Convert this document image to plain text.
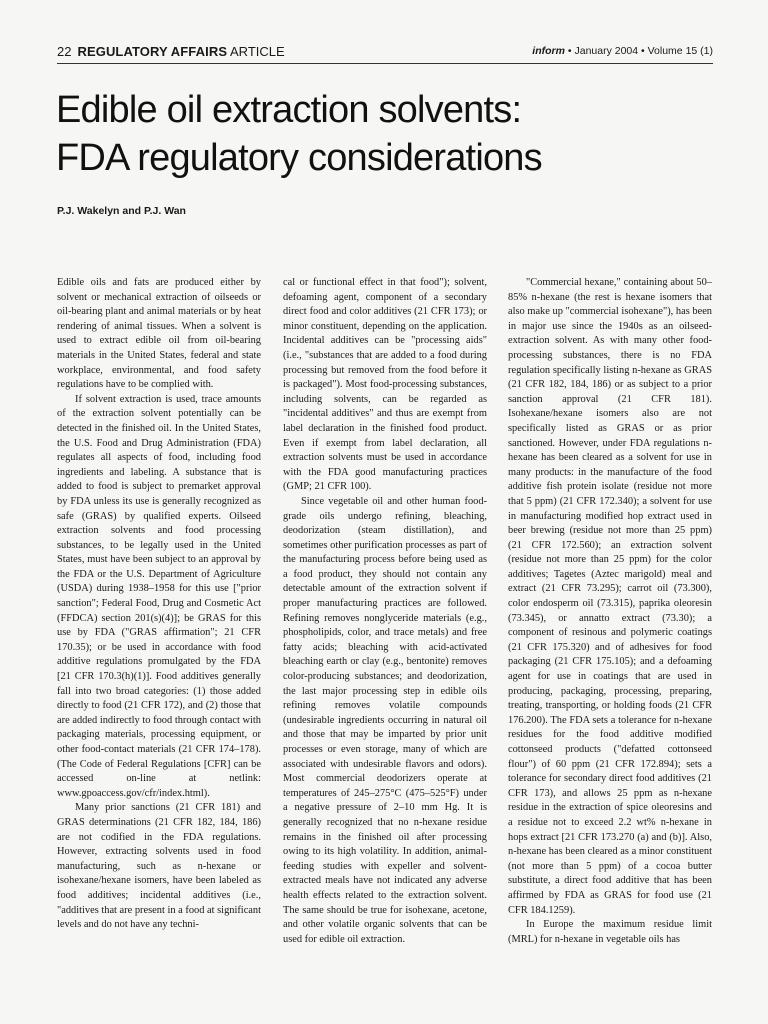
22 REGULATORY AFFAIRS ARTICLE	inform • January 2004 • Volume 15 (1)
Edible oil extraction solvents:
FDA regulatory considerations
P.J. Wakelyn and P.J. Wan

Edible oils and fats are produced either by solvent or mechanical extraction of oilseeds or oil-bearing plant and animal materials or by heat rendering of animal tissues. When a solvent is used to extract edible oil from oil-bearing materials in the United States, federal and state workplace, environmental, and food safety regulations have to be complied with.

If solvent extraction is used, trace amounts of the extraction solvent potentially can be detected in the finished oil. In the United States, the U.S. Food and Drug Administration (FDA) regulates all aspects of food, including food ingredients and labeling. A substance that is added to food is subject to premarket approval by FDA unless its use is generally recognized as safe (GRAS) by qualified experts. Oilseed extraction solvents and food processing substances, to be legally used in the United States, must have been subject to an approval by the FDA or the U.S. Department of Agriculture (USDA) during 1938–1958 for this use ["prior sanction"; Federal Food, Drug and Cosmetic Act (FFDCA) section 201(s)(4)]; be GRAS for this use by FDA ("GRAS affirmation"; 21 CFR 170.35); or be used in accordance with food additive regulations promulgated by the FDA [21 CFR 170.3(h)(1)]. Food additives generally fall into two broad categories: (1) those added directly to food (21 CFR 172), and (2) those that are added indirectly to food through contact with packaging materials, processing equipment, or other food-contact materials (21 CFR 174–178). (The Code of Federal Regulations [CFR] can be accessed on-line at netlink: www.gpoaccess.gov/cfr/index.html).

Many prior sanctions (21 CFR 181) and GRAS determinations (21 CFR 182, 184, 186) are not codified in the FDA regulations. However, extracting solvents used in food manufacturing, such as n-hexane or isohexane/hexane isomers, have been labeled as food additives; incidental additives (i.e., "additives that are present in a food at significant levels and do not have any techni-

cal or functional effect in that food"); solvent, defoaming agent, component of a secondary direct food and color additives (21 CFR 173); or minor constituent, depending on the application. Incidental additives can be "processing aids" (i.e., "substances that are added to a food during processing but removed from the food before it is packaged"). Most food-processing substances, including solvents, can be regarded as "incidental additives" and thus are exempt from label declaration in the finished food product. Even if exempt from label declaration, all extraction solvents must be used in accordance with the FDA good manufacturing practices (GMP; 21 CFR 100).

Since vegetable oil and other human food-grade oils undergo refining, bleaching, deodorization (steam distillation), and sometimes other purification processes as part of the manufacturing process before being used as a food product, they should not contain any detectable amount of the extraction solvent if proper manufacturing practices are followed. Refining removes nonglyceride materials (e.g., phospholipids, color, and trace metals) and free fatty acids; bleaching with acid-activated bleaching earth or clay (e.g., bentonite) removes color-producing substances; and deodorization, the last major processing step in edible oils refining removes volatile compounds (undesirable ingredients occurring in natural oil and those that may be imparted by prior unit processes or even storage, many of which are associated with undesirable flavors and odors). Most commercial deodorizers operate at temperatures of 245–275°C (475–525°F) under a negative pressure of 2–10 mm Hg. It is generally recognized that no n-hexane residue remains in the finished oil after processing owing to its high volatility. In addition, animal-feeding studies with expeller and solvent-extracted meals have not indicated any adverse health effects related to the extraction solvent. The same should be true for isohexane, acetone, and other volatile organic solvents that can be used for edible oil extraction.

"Commercial hexane," containing about 50–85% n-hexane (the rest is hexane isomers that also make up "commercial isohexane"), has been in major use since the 1940s as an oilseed-extraction solvent. As with many other food-processing substances, there is no FDA regulation specifically listing n-hexane as GRAS (21 CFR 182, 184, 186) or as subject to a prior sanction approval (21 CFR 181). Isohexane/hexane isomers also are not specifically listed as GRAS or as prior sanctioned. However, under FDA regulations n-hexane has been cleared as a solvent for use in many products: in the manufacture of the food additive fish protein isolate (residue not more that 5 ppm) (21 CFR 172.340); a solvent for use in manufacturing modified hop extract used in beer brewing (residue not more than 25 ppm) (21 CFR 172.560); an extraction solvent (residue not more than 25 ppm) for the color additives; Tagetes (Aztec marigold) meal and extract (21 CFR 73.295); carrot oil (73.300), color endosperm oil (73.315), paprika oleoresin (73.345), or annatto extract (73.30); a component of resinous and polymeric coatings (21 CFR 175.320) and of adhesives for food packaging (21 CFR 175.105); and a defoaming agent for use in coatings that are used in producing, packaging, processing, preparing, treating, transporting, or holding foods (21 CFR 176.200). The FDA sets a tolerance for n-hexane residues for the food additive modified cottonseed products ("defatted cottonseed flour") of 60 ppm (21 CFR 172.894); sets a tolerance for secondary direct food additives (21 CFR 173), and allows 25 ppm as n-hexane residue in the extraction of spice oleoresins and a residue not to exceed 2.2 wt% n-hexane in hops extract [21 CFR 173.270 (a) and (b)]. Also, n-hexane has been cleared as a minor constituent (not more than 5 ppm) of a cocoa butter substitute, a direct food additive that has been affirmed by FDA as GRAS for food use (21 CFR 184.1259).

In Europe the maximum residue limit (MRL) for n-hexane in vegetable oils has
